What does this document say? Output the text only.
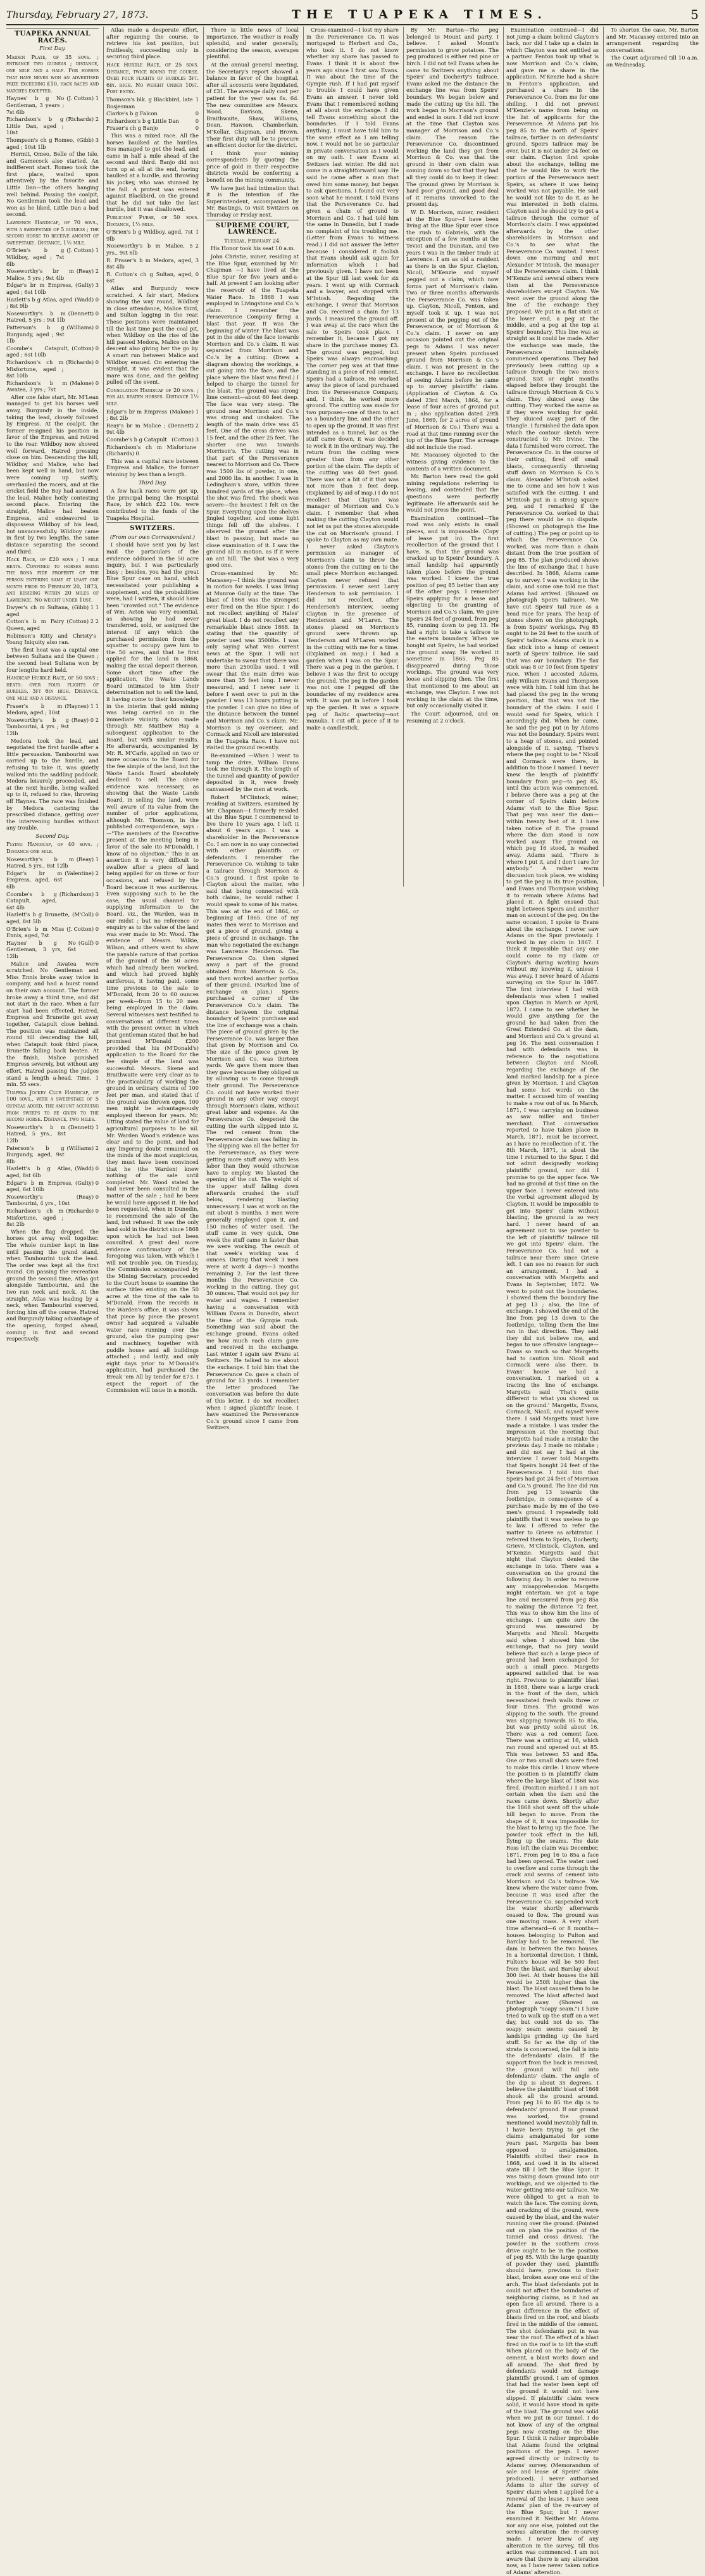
Thursday, February 27, 1873.	THE TUAPEKA TIMES.	5
TUAPEKA ANNUAL RACES.
First Day.

Maiden Plate, of 35 sovs. ; entrance two guineas ; distance, one mile and a half. For horses that have never won an advertised prize exceeding £10, hack races and matches excepted.

Haynes' b g No Gentleman, 3 years ; 7st 6lb
(J. Cotton) 1
Richardson's b g Little Dan, aged ; 10st
(Richards) 2
Thompson's ch g Romeo, aged ; 10st 1lb
(Gibb) 3

Hermit, Omeo, Belle of the Isle, and Gamecock also started. An indifferent start. Romeo took the first place, waited upon attentively by the favorite and Little Dan—the others hanging well behind. Passing the coalpit, No Gentleman took the lead and won as he liked, Little Dan a bad second.

Lawrence Handicap, of 70 sovs., with a sweepstake of 5 guineas ; the second horse to receive amount of sweepstake. Distance, 1½ mile.

O'Brien's b g Wildboy, aged ; 7st 6lb
(J. Cotton) 1
Noseworthy's br m Malice, 5 yrs ; 9st 4lb
(Reay) 2
Edgar's br m Empress, aged ; 6st 10lb
(Gulty) 3
Hazlett's b g Atlas, aged ; 8st 9lb
(Wadd) 0
Noseworthy's b m Hatred, 5 yrs ; 9st 1lb
(Dennett) 0
Patterson's b g Burgundy, aged ; 9st 1lb
(Williams) 0
Coombe's Catapult, aged ; 6st 10lb
(Cotton) 0
Richardson's ch m Misfortune, aged ; 8st 10lb
(Richards) 0
Richardson's b m Awatea, 3 yrs ; 7st
(Malone) 0

After one false start, Mr. M'Lean managed to get his horses well away, Burgundy in the inside, taking the lead, closely followed by Empress. At the coalpit, the former resigned his position in favor of the Empress, and retired to the rear. Wildboy now showed well forward, Hatred pressing close on him. Descending the hill, Wildboy and Malice, who had been kept well in hand, but now were coming up swiftly, overhauled the racers, and at the cricket field the Boy had assumed the lead, Malice hotly contesting second place. Entering the straight, Malice had beaten Empress, and endeavored to dispossess Wildboy of his lead, but unsuccessfully. Wildboy came in first by two lengths, the same distance separating the second and third.

Hack Race, of £20 sovs ; 1 mile heats. Confined to horses being the bona fide property of the person entering same at least one month prior to February 20, 1873, and residing within 20 miles of Lawrence. No weight under 10st.

Dwyer's ch m Sultana, aged
(Gibb) 1 1
Cotton's b m Fairy Queen, aged
(Cotton) 2 2
Robinson's Kitty and Christy's Young Iniquity also ran.

The first heat was a capital one between Sultana and the Queen ; the second heat Sultana won by four lengths hard held.

Handicap Hurdle Race, of 50 sovs ; heats: over four flights of hurdles, 3ft 6in high. Distance, one mile and a distance.

Fraser's b m Medora, aged ; 10st
(Haynes) 1 1
Noseworthy's b g Tambourini, 4 yrs ; 9st 12lb
(Reay) 0 2

Medora took the lead, and negotiated the first hurdle after a little persuasion. Tambourini was carried up to the hurdle, and refusing to take it, was quietly walked into the saddling paddock. Medora leisurely proceeded, and at the next hurdle, being walked up to it, refused to rise, throwing off Haynes. The race was finished by Medora cantering the prescribed distance, getting over the intervening hurdles without any trouble.

Second Day.

Flying Handicap, of 40 sovs. ; Distance one mile.

Noseworthy's b m Hatred, 5 yrs., 8st 12lb
(Reay) 1
Edgar's br m Empress, aged, 6st 6lb
(Valentine) 2
Coombe's b g Catapult, aged, 6st 4lb
(Richardson) 3
Hazlett's b g Brunette, aged, 8st 5lb
(M'Coll) 0
O'Brien's b m Miss Ennis, aged, 7st
(J. Cotton) 0
Haynes' b g No Gentleman, 3 yrs, 6st 12lb
(Gulf) 0

Malice and Awatea were scratched. No Gentleman and Miss Ennis broke away twice in company, and had a burst round on their own account. The former broke away a third time, and did not start in the race. When a fair start had been effected, Hatred, Empress and Brunette got away together, Catapult close behind. The position was maintained all round till descending the hill, when Catapult took third place, Brunette falling back beaten. At the finish, Malice punished Empress severely, but without any effort, Hatred passing the judges stand a length a-head. Time, 1 min. 55 secs.

Tuapeka Jockey Club Handicap, of 100 sovs., with a sweepstake of 5 guineas added, the amount accruing from sweeps to be given to the second horse. Distance, two miles.

Noseworthy's b m Hatred, 5 yrs., 8st 12lb
(Dennett) 1
Paterson's b g Burgundy, aged, 9st 8lb
(Williams) 2
Hazlett's b g Atlas, aged, 8st 6lb
(Wadd) 0
Edgar's b m Empress, aged, 6st 10lb
(Gulty) 0
Noseworthy's Tambourini, 4 yrs., 10st
(Reay) 0
Richardson's ch m Misfortune, aged ; 8st 2lb
(Richards) 0

When the flag dropped, the horses got away well together. The whole number kept in line until passing the grand stand, when Tambourini took the lead. The order was kept all the first round. On passing the recreation ground the second time, Atlas got alongside Tambourini, and the two ran neck and neck. At the straight, Atlas was leading by a neck, when Tambourini swerved, forcing him off the course. Hatred and Burgundy taking advantage of the opening, forged ahead, coming in first and second respectively.

Atlas made a desperate effort, after regaining the course, to retrieve his lost position, but fruitlessly, succeeding only in securing third place.

Hack Hurdle Race, of 25 sovs. Distance, twice round the course. Over four flights of hurdles 3ft. 6in. high. No weight under 10st. Post entry.

Thomson's blk. g Blackbird, late Bosjesman
1
Clarke's b g Falcon	0
Richardson's b g Little Dan	0
Fraser's ch g Banjo	0

This was a mixed race. All the horses baulked at the hurdles. Bos managed to get the lead, and came in half a mile ahead of the second and third. Banjo did not turn up at all at the end, having baulked at a hurdle, and throwing his jockey, who was stunned by the fall. A protest was entered against Blackbird, on the ground that he did not take the last hurdle, but it was disallowed.

Publicans' Purse, of 50 sovs. Distance, 1½ mile.

O'Brien's b g Wildboy, aged, 7st 9lb
1
Noseworthy's b m Malice, 5 yrs., 9st 6lb
2
R. Fraser's b m Medora, aged, 8st 4lb
3
R. Cotton's ch g Sultan, aged, 6st
0

Atlas and Burgundy were scratched. A fair start, Medora showing the way round, Wildboy in close attendance, Malice third, and Sultan lagging in the rear. These positions were maintained till the last time past the coal pit, when Wildboy on the rise of the hill passed Medora, Malice on the descent also giving her the go by. A smart run between Malice and Wildboy ensued. On entering the straight, it was evident that the mare was done, and the gelding pulled off the event.

Consolation Handicap of 20 sovs. ; for all beaten horses. Distance 1½ mile.

Edgar's br m Empress ; 8st 2lb
(Malone) 1
Reay's br m Malice ; 9st 4lb
(Dennett) 2
Coombe's b g Catapult (Cotton) 3
Richardson's ch m Misfortune (Richards) 0

This was a capital race between Empress and Malice, the former winning by less than a length.

Third Day.

A few hack races were got up, the principal being the Hospital Race, by which £22 10s. were contributed to the funds of the Tuapeka Hospital.

SWITZERS.

(From our own Correspondent.)

I should have sent you by last mail the particulars of the evidence adduced in the 50 acre inquiry, but I was particularly busy ; besides, you had the great Blue Spur case on hand, which necessitated your publishing a supplement, and the probabilities were, had I written, it should have been "crowded out." The evidence of Wm. Acton was very essential, as showing he had never transferred, sold, or assigned the interest (if any) which the purchased permission from the squatter to occupy gave him to the 50 acres, and that he first applied for the land in 1868, making the usual deposit thereon. Some short time after the application, the Waste Lands Board intimated to him their determination not to sell the land, it having come to their knowledge in the interim that gold mining was being carried on in the immediate vicinity. Acton made through Mr. Matthew Hay a subsequent application to the Board, but with similar results. He afterwards, accompanied by Mr. R. M'Carle, applied on two or more occasions to the Board for the fee simple of the land, but the Waste Lands Board absolutely declined to sell. The above evidence was necessary, as showing that the Waste Lands Board, in selling the land, were well aware of its value from the number of prior applications, although Mr. Thomson, in the published correspondence, says :—"The members of the Executive present at the meeting being in favor of the sale (to M'Donald), I know of no objection." This is an assertion it is very difficult to swallow after a piece of land being applied for on three or four occasions, and refused by the Board because it was auriferous. Even supposing such to be the case, the usual channel for supplying information to the Board, viz., the Warden, was in our midst ; but no reference or enquiry as to the value of the land was ever made to Mr. Wood. The evidence of Messrs. Wilkie, Wilson, and others went to show the payable nature of that portion of the ground of the 50 acres which had already been worked, and which had proved highly auriferous, it having paid, some time previous to the sale to M'Donald, from 20 to 60 ounces per week—from 15 to 20 men being employed in the claim. Several witnesses next testified to conversations at different times with the present owner, in which that gentleman stated that he had promised M'Donald £200 provided that his (M'Donald's) application to the Board for the fee simple of the land was successful. Messrs. Skene and Braithwaite were very clear as to the practicability of working the ground in ordinary claims of 100 feet per man, and stated that if the ground was thrown open, 100 men might be advantageously employed thereon for years. Mr. Utting stated the value of land for agricultural purposes to be nil. Mr. Warden Wood's evidence was clear and to the point, and had any lingering doubt remained on the minds of the most suspicious, they must have been convinced that he (the Warden) knew nothing of the sale until completed. Mr. Wood stated he had never been consulted in the matter of the sale ; had he been he would have opposed it. He had been requested, when in Dunedin, to recommend the sale of the land, but refused. It was the only land sold in the district since 1868 upon which he had not been consulted. A great deal more evidence confirmatory of the foregoing was taken, with which I will not trouble you. On Tuesday, the Commission accompanied by the Mining Secretary, proceeded to the Court house to examine the surface titles existing on the 50 acres at the time of the sale to M'Donald. From the records in the Warden's office, it was shown that piece by piece the present owner had acquired a valuable water race running over the ground, also the pumping gear and machinery, together with puddle house and all buildings attached ; and lastly, and only eight days prior to M'Donald's application, had purchased the Break 'em All by tender for £73. I expect the report of the Commission will issue in a month.

There is little news of local importance. The weather is really splendid, and water generally, considering the season, averages plentiful.

At the annual general meeting, the Secretary's report showed a balance in favor of the hospital, after all accounts were liquidated, of £31. The average daily cost per patient for the year was 6s. 6d. The new committee are Messrs. Wood, Davison, Skene, Braithwaite, Shaw, Williams, Dean, Hawson, Chamberlain, M'Kellar, Chapman, and Brown. Their first duty will be to procure an efficient doctor for the district.

I think your mining correspondents by quoting the price of gold in their respective districts would be conferring a benefit on the mining community.

We have just had intimation that it is the intention of the Superintendent, accompanied by Mr. Bastings, to visit Switzers on Thursday or Friday next.

SUPREME COURT, LAWRENCE.

Tuesday, February 24.

His Honor took his seat 10 a.m.

John Christie, miner, residing at the Blue Spur, examined by Mr. Chapman —I have lived at the Blue Spur for five years and-a-half. At present I am looking after the reservoir of the Tuapeka Water Race. In 1868 I was employed in Livingstone and Co.'s claim. I remember the Perseverance Company firing a blast that year. It was the beginning of winter. The blast was put in the side of the face towards Morrison and Co.'s claim. It was separated from Morrison and Co.'s by a cutting. (Drew a diagram showing the workings, a cut going into the face, and the place where the blast was fired.) I helped to charge the tunnel for the blast. The ground was strong lime cement—about 60 feet deep. The face was very steep. The ground near Morrison and Co.'s was strong and unshaken. The length of the main drive was 45 feet. One of the cross drives was 15 feet, and the other 25 feet. The shorter one was towards Morrison's. The cutting was in that part of the Perseverance nearest to Morrison and Co. There was 1500 lbs of powder, in one, and 2000 lbs. in another. I was in Ledingham's store, within three hundred yards of the place, when the shot was fired. The shock was severe—the heaviest I felt on the Spur. Everything upon the shelves jingled together, and some light things fell off the shelves. I observed the ground after the blast in passing, but made no close examination of it. I saw the ground all in motion, as if it were an ant hill. The shot was a very good one.

Cross-examined by Mr. Macassey—I think the ground was in motion for weeks. I was living at Munroe Gully at the time. The blast of 1868 was the strongest ever fired on the Blue Spur. I do not recollect anything of Hales' great blast. I do not recollect any remarkable blast since 1868. In stating that the quantity of powder used was 3500lbs. I was only saying what was current news at the Spur. I will not undertake to swear that there was more than 2500lbs used. I will swear that the main drive was more than 35 feet long. I never measured, and I never saw it before I went over to put in the powder. I was 13 hours putting in the powder. I can give no idea of the distance between the tunnel and Morrison and Co.'s claim. Mr. Morrison is my overseer, and Cormack and Nicoll are interested in the Tuapeka Race. I have not visited the ground recently.

Re-examined —When I went to tamp the drive, William Evans took me through it. The length of the tunnel and quantity of powder deposited in it, were freely canvassed by the men at work.

Robert M'Clintock, miner, residing at Switzers, examined by Mr. Chapman—I formerly resided at the Blue Spur. I commenced to live there 10 years ago. I left it about 6 years ago. I was a shareholder in the Perseverance Co. I am now in no way connected with either plaintiffs or defendants. I remember the Perseverance Co. wishing to take a tailrace through Morrison & Co.'s ground. I first spoke to Clayton about the matter, who said that being connected with both claims, he would rather I would speak to some of his mates. This was at the end of 1864, or beginning of 1865. One of my mates then went to Morrison and got a piece of ground, giving a piece of ground in exchange. The man who negotiated the exchange was Lawrence Henderson. The Perseverance Co. then signed away a part of the ground obtained from Morrison & Co., and then worked another portion of their ground. (Marked line of exchange on plan.) Speirs purchased a corner of the Perseverance Co.'s claim. The distance between the original boundary of Speirs' purchase and the line of exchange was a chain. The piece of ground given by the Perseverance Co. was larger than that given by Morrison and Co. The size of the piece given by Morrison and Co. was thirteen yards. We gave them more than they gave because they obliged us by allowing us to come through their ground. The Perseverance Co. could not have worked their ground in any other way except through Morrison's claim, without great labor and expense. As the Perseverance Co. deepened the cutting the earth slipped into it. The red cement from the Perseverance claim was falling in. The slipping was all the better for the Perseverance, as they were getting more stuff away with less labor than they would otherwise have to employ. We blasted the opening of the cut. The weight of the upper stuff falling down afterwards crushed the stuff below, rendering blasting unnecessary. I was at work on the cut about 5 months. 3 men were generally employed upon it, and 150 inches of water used. The stuff came in very quick. One week the stuff came in faster than we were working. The result of that week's working was 4 ounces. During that week 3 men were at work 4 days—3 months remaining 2. For the last three months the Perseverance Co. working in the cutting, they got 30 ounces. That would not pay for water and wages. I remember having a conversation with William Evans in Dunedin, about the time of the Gympie rush. Something was said about the exchange ground. Evans asked me how much each claim gave and received in the exchange. Last winter I again saw Evans at Switzers. He talked to me about the exchange. I told him that the Perseverance Co. gave a chain of ground for 13 yards. I remember the letter produced. The conversation was before the date of this letter. I do not recollect when I signed plaintiffs' lease. I have examined the Perseverance Co.'s ground since I came from Switzers.

Cross-examined—I lost my share in the Perseverance Co. It was mortgaged to Herbert and Co., who took it. I do not know whether my share has passed to Evans. I think it is about five years ago since I first saw Evans. It was about the time of the Gympie rush. If I had put myself to trouble I could have given Evans an answer. I never told Evans that I remembered nothing at all about the exchange. I did tell Evans something about the boundaries. If I told Evans anything, I must have told him to the same effect as I am telling now. I would not be so particular in private conversation as I would on my oath. I saw Evans at Switzers last winter. He did not come in a straightforward way. He said he came after a man that owed him some money, but began to ask questions. I found out very soon what he meant. I told Evans that the Perseverance Co. had given a chain of ground to Morrison and Co. I had told him the same in Dunedin, but I made no complaint of his troubling me. (Letter from Evans to witness read.) I did not answer the letter because I considered it foolish that Evans should ask again for information which I had previously given. I have not been at the Spur till last week for six years. I went up with Cormack and a lawyer, and stopped with M'Intosh. Regarding the exchange, I swear that Morrison and Co. received a chain for 13 yards. I measured the ground off. I was away at the race when the sale to Speirs took place. I remember it, because I got my share in the purchase money £3. The ground was pegged, but Speirs was always encroaching. The corner peg was at that time standing in a piece of red cement. Speirs had a tailrace. He worked away the piece of land purchased from the Perseverance Company, and, I think, he worked more ground. The cutting was made for two purposes—one of them to act as a boundary line, and the other to open up the ground. It was first intended as a tunnel, but as the stuff came down, it was decided to work it in the ordinary way. The return from the cutting were greater than from any other portion of the claim. The depth of the cutting was 40 feet good. There was not a bit of it that was not more than 3 feet deep. (Explained by aid of map.) I do not recollect that Clayton was manager of Morrison and Co.'s claim. I remember that when making the cutting Clayton would not let us put the stones alongside the cut on Morrison's ground. I spoke to Clayton as my own mate. I never asked Clayton's permission as manager of Morrison's claim to throw the stones from the cutting on to the small piece Morrison exchanged. Clayton never refused that permission. I never sent Larry Henderson to ask permission. I did not recollect, after Henderson's interview, seeing Clayton in the presence of Henderson and M'Laren. The stones placed on Morrison's ground were thrown up. Henderson and M'Laren worked in the cutting with me for a time. (Explained on map.) I had a garden when I was on the Spur. There was a peg in the garden. I believe I was the first to occupy the ground. The peg in the garden was not one I pegged off the boundaries of my residence area with. It was put in before I took up the garden. It was a square peg of Baltic quartering—not manuka. I cut off a piece of it to make a candlestick.

By Mr. Barton—The peg belonged to Mount and party, I believe. I asked Mount's permission to grow potatoes. The peg produced is either red pine or birch. I did not tell Evans when he came to Switzers anything about Speirs' and Docherty's tailrace. Evans asked me the distance the exchange line was from Speirs' boundary. We began below and made the cutting up the hill. The work began in Morrison's ground and ended in ours. I did not know at the time that Clayton was manager of Morrison and Co.'s claim. The reason the Perseverance Co. discontinued working the land they got from Morrison & Co. was that the ground in their own claim was coming down so fast that they had all they could do to keep it clear. The ground given by Morrison is hard poor ground, and good deal of it remains unworked to the present day.

W. D. Morrison, miner, resident at the Blue Spur—I have been living at the Blue Spur ever since the rush to Gabriels, with the exception of a few months at the Teviot and the Dunstan, and two years I was in the timber trade at Lawrence. I am as old a resident as there is on the Spur. Clayton, Nicoll, M'Kenzie and myself pegged out a claim, which now forms part of Morrison's claim. Two or three months afterwards the Perseverance Co. was taken up. Clayton, Nicoll, Fenton, and myself took it up. I was not present at the pegging out of the Perseverance, or of Morrison & Co.'s claim. I never on any occasion pointed out the original pegs to Adams. I was never present when Speirs purchased ground from Morrison & Co.'s claim. I was not present in the exchange. I have no recollection of seeing Adams before he came up to survey plaintiffs' claim. (Application of Clayton & Co. dated 23rd March, 1864, for a lease of four acres of ground put in ; also application dated 29th June, 1869, for 2 acres of ground of Morrison & Co.) There was a road at that time running over the top of the Blue Spur. The acreage did not include the road.

Mr. Macassey objected to the witness giving evidence to the contents of a written document.

Mr. Barton here read the gold mining regulations referring to leasing, and contended that the questions were perfectly legitimate. He afterwards said he would not press the point.

Examination continued—The road was only exists in small pieces, and is impassable. (Copy of lease put in). The first recollection of the ground that I have, is, that the ground was cracked up to Speirs' boundary. A small landslip had apparently taken place before the ground was worked. I knew the true position of peg 85 better than any of the other pegs. I remember Speirs applying for a lease and objecting to the granting of Morrison and Co.'s claim. We gave Speirs 24 feet of ground, from peg 85, running down to peg 13. He had a right to take a tailrace to the eastern boundary. When we bought out Speirs, he had worked the ground away. He worked it sometime in 1865. Peg 85 disappeared during those workings. The ground was very loose and slipping then. The first that mentioned to me about an exchange, was Clayton. I was not working in the claim at the time, but only occasionally visited it.

The Court adjourned, and on resuming at 2 o'clock.

Examination continued—I did not jump a claim behind Clayton's back, nor did I take up a claim in which Clayton was not entitled as a partner. Fenton took up what is now Morrison and Co.'s claim, and gave me a share in the application. M'Kenzie had a share in Fenton's application, and purchased a share in the Perseverance Co. from me for one shilling. I did not prevent M'Kenzie's name from being on the list of applicants for the Perseverance. At Adams put his peg 85 to the north of Speirs' tailrace, farther in on defendants' ground. Speirs tailrace may be over, but it is not under 24 feet on our claim. Clayton first spoke about the exchange, telling me that he would like to work the portion of the Perseverance next Speirs, as where it was being worked was not payable. He said he would not like to do it, as he was interested in both claims. Clayton said he should try to get a tailrace through the corner of Morrison's claim. I was appointed afterwards by the other shareholders in Morrison and Co.'s to see what the Perseverance Co. wanted. I went down one morning and met Alexander M'Intosh, the manager of the Perseverance claim. I think M'Kenzie and several others were then at the Perseverance shareholders except Clayton. We went over the ground along the line of the exchange they proposed. We put in a flat stick at the lower end, a peg at the middle, and a peg at the top at Speirs' boundary. This line was as straight as it could be made. After the exchange was made, the Perseverance immediately commenced operations. They had previously been cutting up a tailrace through the two men's ground. Sixt or eight months elapsed before they brought the tailrace through Morrison & Co.'s claim. They sluiced away the cutting. They worked the same as if they were working for gold. They sluiced away part of the triangle. I furnished the data upon which the contour sketch were constructed to Mr. Irvine. The data I furnished were correct. The Perseverance Co. in the course of their cutting, fired off small blasts, consequently throwing stuff down on Morrison & Co.'s claim. Alexander M'Intosh asked me to come and see how I was satisfied with the cutting. I and M'Intosh put in a strong square peg, and I remarked if the Perseverance Co. worked to that peg there would be no dispute. (Showed on photograph the line of cutting.) The peg or point up to which the Perseverance Co. worked, was more than a chain distant from the true position of peg 85. The plan produced shows the line of exchange that I have described. In 1868, Adams came up to survey. I was working in the claim, and some one told me that Adams had arrived. (Showed on photograph Speirs tailrace). We have cut Speirs' tail race as a head race for years. The heap of stones shown on the photograph, is from Speirs' workings. Peg 85 ought to be 24 feet to the south of Speirs' tailrace. Adams stuck in a flax stick into a lump of cement north of Speirs' tailrace. He said that was our boundary. The flax stick was 8 or 10 feet from Speirs' race. When I accosted Adams, only William Evans and Thompson were with him. I told him that he had placed the peg in the wrong position, that that was not the boundary of the claim. I said I would send for Speirs, which I accordingly did. When he came, he said the peg put in by Adams was not the boundary. Speirs went to a heap of stones, and pointed alongside of it, saying, "There's where the peg ought to be." Nicoll and Cormack were there, in addition to those I named. I never knew the length of plaintiffs' boundary from peg—to peg 85, until this action was commenced. I believe there was a peg at the corner of Speirs claim before Adams' visit to the Blue Spur. That peg was near the dam—within twenty feet of it. I have taken notice of it. The ground where the dam stood is now worked away. The ground on which peg 16 stood, is washed away. Adams said, "There is where I put it, and I don't care for anybody." A rather warm discussion took place, we wishing to get the peg in its true position, and Evans and Thompson wishing it to remain where Adams had placed it. A fight ensued that night between Speirs and another man on account of the peg. On the same occasion, I spoke to Evans about the exchange. I never saw Adams on the Spur previously. I worked in my claim in 1867. I think it impossible that any one could come to my claim or Clayton's during working hours without my knowing it, unless I was away. I never heard of Adams surveying on the Spur in 1867. The first interview I had with defendants was when I waited upon Clayton in March or April, 1872. I came to see whether he would give anything for the ground he had taken from the Great Extended Co. at the dam, and Morrison and Co.'s ground at peg 16. The next conversation I had with defendants was in reference to the negotiations between Clayton and Nicoll, regarding the exchange of the land marked landslip for a piece given by Morrison. I and Clayton had some hot words on the matter. I accused him of wanting to make a row out of us. In March, 1871, I was carrying on business as saw miller and timber merchant. That conversation reported to have taken place in March, 1871, must be incorrect, as I have no recollection of it. The 8th March, 1871, is about the time I returned to the Spur. I did not admit designedly working plaintiffs' ground, nor did I promise to go the upper face. We had no ground at that time on the upper face. I never entered into the verbal agreement alleged by Clayton. It would be impossible to get into Speirs' claim without blasting, the ground is so very hard. I never heard of an agreement not to use powder to the left of plaintiffs' tailrace till we got into Speirs' claim. The Perseverance Co. had not a tailrace near there since Grieve left. I can see no reason for such an arrangement. I had a conversation with Margetts and Evans in September, 1872. We went to point out the boundaries. I showed them the boundary line at peg 13 ; also, the line of exchange. I showed the end of the line from peg 13 down to the footbridge, telling them the line ran in that direction. They said they did not believe me, and began to use offensive language—Evans so much so that Margetts had to caution him. Nicoll and Cormack were also there. In Evans' house we had a conversation. I marked on a tracing the line of exchange. Margetts said 'That's quite different to what you showed us on the ground.' Margetts, Evans, Cormack, Nicoll, and myself were there. I said Margetts must have made a mistake. I was under the impression at the meeting that Margetts had made a mistake the previous day. I made no mistake ; and did not say I had at the interview. I never told Margetts that Speirs bought 24 feet of the Perseverance. I told him that Speirs had got 24 feet of Morrison and Co.'s ground. The line did run from peg 13 towards the footbridge, in consequence of a purchase made by me of the two men's ground. I repeatedly told plaintiffs that it was useless to go to law. I offered to refer the matter to Grieve as arbitrator. I referred them to Speirs, Docherty, Grieve, M'Clintock, Clayton, and M'Kenzie. Margetts said that night that Clayton denied the exchange in toto. There was a conversation on the ground the following day. In order to remove any misapprehension Margetts might entertain, we got a tape line and measured from peg 85a to making the distance 72 feet. This was to show him the line of exchange. I am quite sure the ground was measured by Margetts and Nicoll. Margetts said when I showed him the exchange, that no jury would believe that such a large piece of ground had been exchanged for such a small piece. Margetts appeared satisfied that he was right. Previous to plaintiffs' blast in 1868, there was a large crack in the front of the dam, which necessitated fresh walls three or four times. The ground was slipping to the south. The ground was slipping towards 85 to 85a, but was pretty solid about 16. There was a red cement face. There was a cutting at 16, which ran round and opened out at 85. This was between 53 and 85a. One or two small shots were fired to make this circle. I know where the position is in plaintiffs' claim where the large blast of 1868 was fired. (Position marked.) I am not certain when the dam and the races came down. Shortly after the 1868 shot went off the whole hill began to move. From the shape of it, it was impossible for the blast to bring up the face. The powder took effect in the hill, flying up the seams. The date Ross left the claim was December, 1871. From peg 16 to 85a a face had been opened. The water used to overflow and come through the crack and seams of cement into Morrison and Co.'s tailrace. We knew where the water came from, because it was used after the Perseverance Co. suspended work the water shortly afterwards ceased to flow. The ground was one moving mass. A very short time afterward—6 or 8 months—houses belonging to Fulton and Barclay had to be removed. The dam in between the two houses. In a horizontal direction, I think, Fulton's house will be 500 feet from the blast, and Barclay about 300 feet. At their houses the hill would be 250ft higher than the blast. The blast caused them to be removed. The blast affected land further away. (Showed on photograph "soapy seam.") I have tried to walk up the stuff on a wet day, but could not do so. The soapy seam seems caused by landslips grinding up the hard stuff. So far as the dip of the strata is concerned, the fall is into the defendants' claim. If the support from the back is removed, the ground will fall into defendants' claim. The angle of the dip is about 35 degrees. I believe the plaintiffs' blast of 1868 shook all the ground around. From peg 16 to 85 the dip is to defendants' ground. If our ground was worked, the ground mentioned would inevitably fall in. I have been trying to get the claims amalgamated for some years past. Margetts has been opposed to amalgamation. Plaintiffs shifted their race in 1868, and used it in its altered state till I left the Blue Spur. It was taking down ground into our workings, and we objected to the water getting into our tailrace. We were obliged to get a man to watch the face. The coming down, and cracking of the ground, were caused by the blast, and the water running over the ground. (Pointed out on plan the position of the tunnel and cross drives). The powder in the southern cross drive ought to be in the position of peg 85. With the large quantity of powder they used, plaintiffs should have, previous to their blast, broken away one end of the arch. The blast defendants put in could not affect the boundaries of neighboring claims, as it had an open face all around. There is a great difference in the effect of blasts fired on the roof, and blasts fired in the middle of the cement. The shot defendants put in was near the roof. The effect of a blast fired on the roof is to lift the stuff. When placed on the body of the cement, a blast works down and all around. The shot fired by defendants would not damage plaintiffs' ground. I am of opinion that had the water been kept off the ground it would not have slipped. If plaintiffs' claim were solid, it would have stood in spite of the blast. The ground was solid when we put in our tunnel. I do not know of any of the original pegs now existing on the Blue Spur. I think it rather improbable that Adams found the original positions of the pegs. I never agreed directly or indirectly to Adams' survey. (Memorandum of sale and lease of Speirs' claim produced). I never authorised Adams to alter the survey of Speirs' claim when I applied for a renewal of the lease. I have seen Adams' plan of the re-survey of the Blue Spur, but I never examined it. Neither Mr. Adams nor any one else, pointed out the serious alteration the re-survey made. I never knew of any alteration in the survey, till this action was commenced. I am not aware that there is any alteration now, as I have never taken notice of Adams' alteration.

To shorten the case, Mr. Barton and Mr. Macassey entered into an arrangement regarding the conversations.

The Court adjourned till 10 a.m. on Wednesday.
